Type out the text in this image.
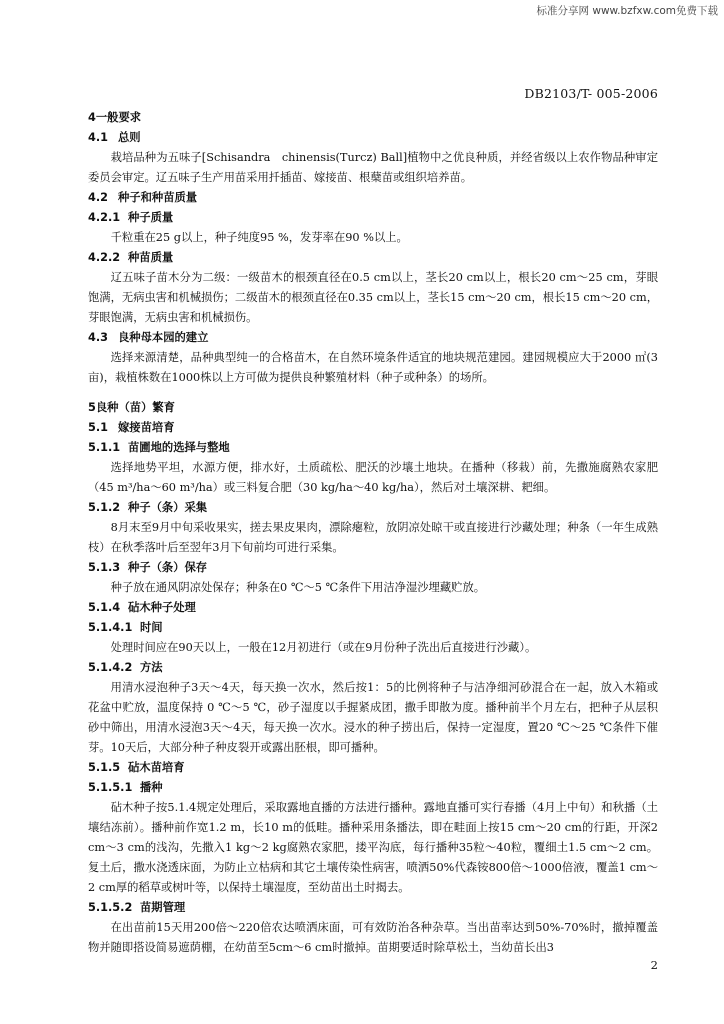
标准分享网 www.bzfxw.com免费下载
DB2103/T- 005-2006
4一般要求
4.1 总则
栽培品种为五味子[Schisandra　chinensis(Turcz) Ball]植物中之优良种质，并经省级以上农作物品种审定委员会审定。辽五味子生产用苗采用扦插苗、嫁接苗、根蘖苗或组织培养苗。
4.2 种子和种苗质量
4.2.1 种子质量
千粒重在25 g以上，种子纯度95 %，发芽率在90 %以上。
4.2.2 种苗质量
辽五味子苗木分为二级：一级苗木的根颈直径在0.5 cm以上，茎长20 cm以上，根长20 cm～25 cm，芽眼饱满，无病虫害和机械损伤；二级苗木的根颈直径在0.35 cm以上，茎长15 cm～20 cm，根长15 cm～20 cm，芽眼饱满，无病虫害和机械损伤。
4.3 良种母本园的建立
选择来源清楚，品种典型纯一的合格苗木，在自然环境条件适宜的地块规范建园。建园规模应大于2000 ㎡(3亩)，栽植株数在1000株以上方可做为提供良种繁殖材料（种子或种条）的场所。
5良种（苗）繁育
5.1 嫁接苗培育
5.1.1 苗圃地的选择与整地
选择地势平坦，水源方便，排水好，土质疏松、肥沃的沙壤土地块。在播种（移栽）前，先撒施腐熟农家肥（45 m³/ha～60 m³/ha）或三料复合肥（30 kg/ha～40 kg/ha），然后对土壤深耕、耙细。
5.1.2 种子（条）采集
8月末至9月中旬采收果实，搓去果皮果肉，漂除瘪粒，放阴凉处晾干或直接进行沙藏处理；种条（一年生成熟枝）在秋季落叶后至翌年3月下旬前均可进行采集。
5.1.3 种子（条）保存
种子放在通风阴凉处保存；种条在0 ℃～5 ℃条件下用洁净湿沙埋藏贮放。
5.1.4 砧木种子处理
5.1.4.1 时间
处理时间应在90天以上，一般在12月初进行（或在9月份种子洗出后直接进行沙藏）。
5.1.4.2 方法
用清水浸泡种子3天～4天，每天换一次水，然后按1：5的比例将种子与洁净细河砂混合在一起，放入木箱或花盆中贮放，温度保持 0 ℃～5 ℃，砂子湿度以手握紧成团，撒手即散为度。播种前半个月左右，把种子从层积砂中筛出，用清水浸泡3天～4天，每天换一次水。浸水的种子捞出后，保持一定湿度，置20 ℃～25 ℃条件下催芽。10天后，大部分种子种皮裂开或露出胚根，即可播种。
5.1.5 砧木苗培育
5.1.5.1 播种
砧木种子按5.1.4规定处理后，采取露地直播的方法进行播种。露地直播可实行春播（4月上中旬）和秋播（土壤结冻前）。播种前作宽1.2 m，长10 m的低畦。播种采用条播法，即在畦面上按15 cm～20 cm的行距，开深2 cm～3 cm的浅沟，先撒入1 kg～2 kg腐熟农家肥，搂平沟底，每行播种35粒～40粒，覆细土1.5 cm～2 cm。复土后，撒水浇透床面，为防止立枯病和其它土壤传染性病害，喷洒50%代森铵800倍～1000倍液，覆盖1 cm～2 cm厚的稻草或树叶等，以保持土壤湿度，至幼苗出土时揭去。
5.1.5.2 苗期管理
在出苗前15天用200倍～220倍农达喷洒床面，可有效防治各种杂草。当出苗率达到50%-70%时，撤掉覆盖物并随即搭设简易遮荫棚，在幼苗至5cm～6 cm时撤掉。苗期要适时除草松土，当幼苗长出3
2
